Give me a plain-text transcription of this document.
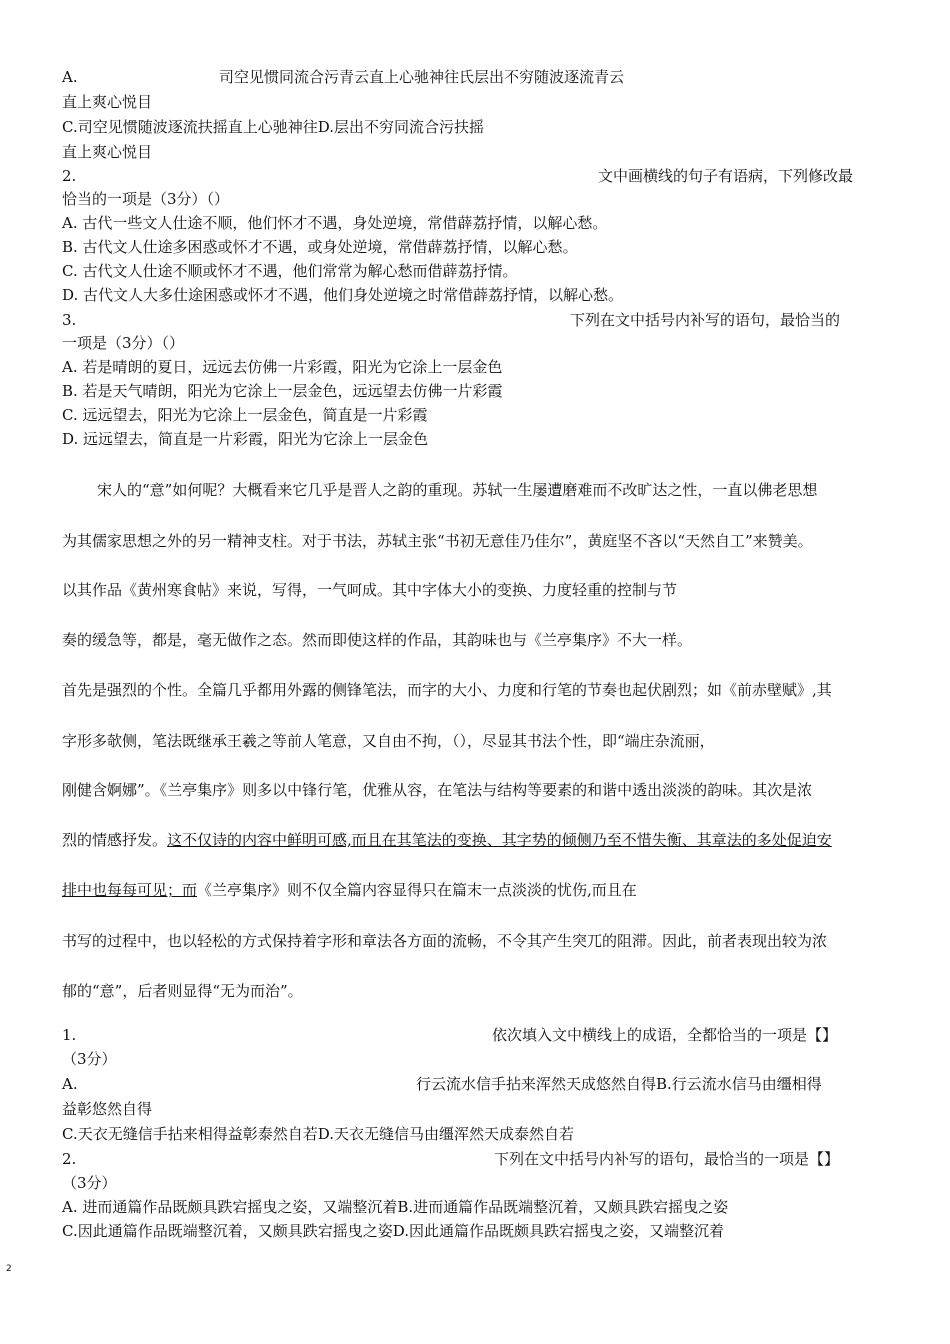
A.	司空见惯同流合污青云直上心驰神往氏层出不穷随波逐流青云
直上爽心悦目
C.司空见惯随波逐流扶摇直上心驰神往D.层出不穷同流合污扶摇
直上爽心悦目
2.	文中画横线的句子有语病，下列修改最
恰当的一项是（3分）（）
A. 古代一些文人仕途不顺，他们怀才不遇，身处逆境，常借薜荔抒情，以解心愁。
B. 古代文人仕途多困惑或怀才不遇，或身处逆境，常借薜荔抒情，以解心愁。
C. 古代文人仕途不顺或怀才不遇，他们常常为解心愁而借薜荔抒情。
D. 古代文人大多仕途困惑或怀才不遇，他们身处逆境之时常借薜荔抒情，以解心愁。
3.	下列在文中括号内补写的语句，最恰当的
一项是（3分）（）
A. 若是晴朗的夏日，远远去仿佛一片彩霞，阳光为它涂上一层金色
B. 若是天气晴朗，阳光为它涂上一层金色，远远望去仿佛一片彩霞
C. 远远望去，阳光为它涂上一层金色，简直是一片彩霞
D. 远远望去，简直是一片彩霞，阳光为它涂上一层金色
宋人的“意”如何呢？大概看来它几乎是晋人之韵的重现。苏轼一生屡遭磨难而不改旷达之性，一直以佛老思想
为其儒家思想之外的另一精神支柱。对于书法，苏轼主张“书初无意佳乃佳尔”，黄庭坚不吝以“天然自工”来赞美。
以其作品《黄州寒食帖》来说，写得，一气呵成。其中字体大小的变换、力度轻重的控制与节
奏的缓急等，都是，毫无做作之态。然而即使这样的作品，其韵味也与《兰亭集序》不大一样。
首先是强烈的个性。全篇几乎都用外露的侧锋笔法，而字的大小、力度和行笔的节奏也起伏剧烈；如《前赤壁赋》,其
字形多欹侧，笔法既继承王羲之等前人笔意，又自由不拘，（），尽显其书法个性，即“端庄杂流丽，
刚健含婀娜”。《兰亭集序》则多以中锋行笔，优雅从容，在笔法与结构等要素的和谐中透出淡淡的韵味。其次是浓
烈的情感抒发。这不仅诗的内容中鲜明可感,而且在其笔法的变换、其字势的倾侧乃至不惜失衡、其章法的多处促迫安
排中也每每可见；而《兰亭集序》则不仅全篇内容显得只在篇末一点淡淡的忧伤,而且在
书写的过程中，也以轻松的方式保持着字形和章法各方面的流畅，不令其产生突兀的阻滞。因此，前者表现出较为浓
郁的“意”，后者则显得“无为而治”。
1.	依次填入文中横线上的成语，全都恰当的一项是【】
（3分）
A.	行云流水信手拈来浑然天成悠然自得B.行云流水信马由缰相得
益彰悠然自得
C.天衣无缝信手拈来相得益彰泰然自若D.天衣无缝信马由缰浑然天成泰然自若
2.	下列在文中括号内补写的语句，最恰当的一项是【】
（3分）
A. 进而通篇作品既颇具跌宕摇曳之姿，又端整沉着B.进而通篇作品既端整沉着，又颇具跌宕摇曳之姿
C.因此通篇作品既端整沉着，又颇具跌宕摇曳之姿D.因此通篇作品既颇具跌宕摇曳之姿，又端整沉着
2
